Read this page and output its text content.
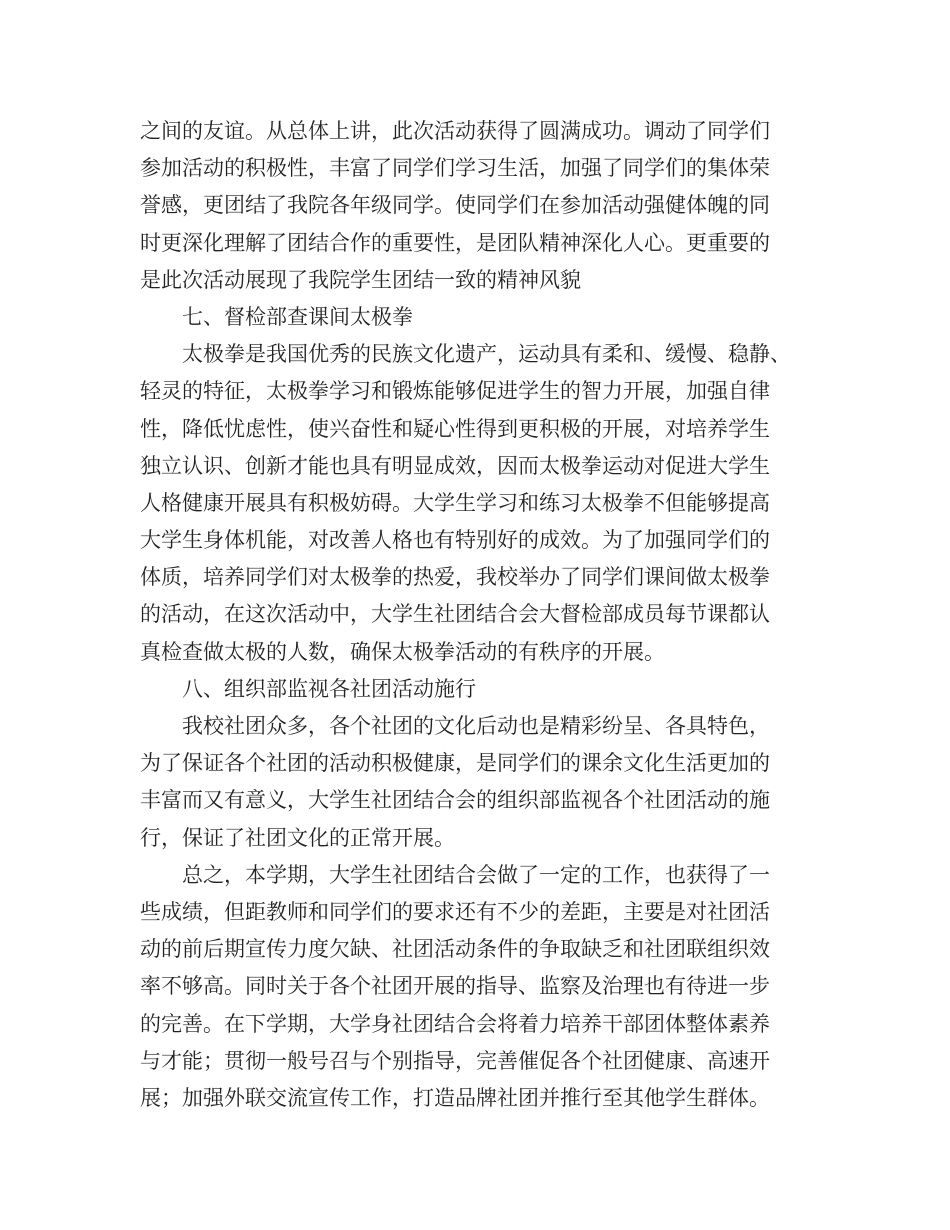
之间的友谊。从总体上讲，此次活动获得了圆满成功。调动了同学们
参加活动的积极性，丰富了同学们学习生活，加强了同学们的集体荣
誉感，更团结了我院各年级同学。使同学们在参加活动强健体魄的同
时更深化理解了团结合作的重要性，是团队精神深化人心。更重要的
是此次活动展现了我院学生团结一致的精神风貌
七、督检部查课间太极拳
太极拳是我国优秀的民族文化遗产，运动具有柔和、缓慢、稳静、
轻灵的特征，太极拳学习和锻炼能够促进学生的智力开展，加强自律
性，降低忧虑性，使兴奋性和疑心性得到更积极的开展，对培养学生
独立认识、创新才能也具有明显成效，因而太极拳运动对促进大学生
人格健康开展具有积极妨碍。大学生学习和练习太极拳不但能够提高
大学生身体机能，对改善人格也有特别好的成效。为了加强同学们的
体质，培养同学们对太极拳的热爱，我校举办了同学们课间做太极拳
的活动，在这次活动中，大学生社团结合会大督检部成员每节课都认
真检查做太极的人数，确保太极拳活动的有秩序的开展。
八、组织部监视各社团活动施行
我校社团众多，各个社团的文化后动也是精彩纷呈、各具特色，
为了保证各个社团的活动积极健康，是同学们的课余文化生活更加的
丰富而又有意义，大学生社团结合会的组织部监视各个社团活动的施
行，保证了社团文化的正常开展。
总之，本学期，大学生社团结合会做了一定的工作，也获得了一
些成绩，但距教师和同学们的要求还有不少的差距，主要是对社团活
动的前后期宣传力度欠缺、社团活动条件的争取缺乏和社团联组织效
率不够高。同时关于各个社团开展的指导、监察及治理也有待进一步
的完善。在下学期，大学身社团结合会将着力培养干部团体整体素养
与才能；贯彻一般号召与个别指导，完善催促各个社团健康、高速开
展；加强外联交流宣传工作，打造品牌社团并推行至其他学生群体。
